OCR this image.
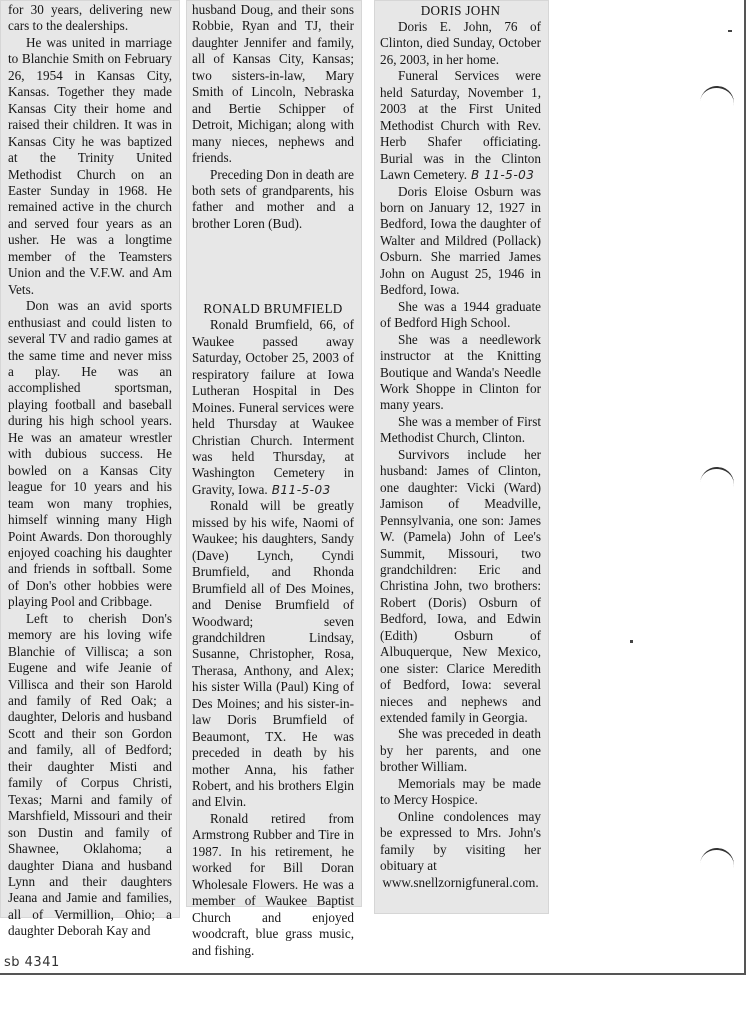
for 30 years, delivering new cars to the dealerships.

He was united in marriage to Blanchie Smith on February 26, 1954 in Kansas City, Kansas. Together they made Kansas City their home and raised their children. It was in Kansas City he was baptized at the Trinity United Methodist Church on an Easter Sunday in 1968. He remained active in the church and served four years as an usher. He was a longtime member of the Teamsters Union and the V.F.W. and Am Vets.

Don was an avid sports enthusiast and could listen to several TV and radio games at the same time and never miss a play. He was an accomplished sportsman, playing football and baseball during his high school years. He was an amateur wrestler with dubious success. He bowled on a Kansas City league for 10 years and his team won many trophies, himself winning many High Point Awards. Don thoroughly enjoyed coaching his daughter and friends in softball. Some of Don's other hobbies were playing Pool and Cribbage.

Left to cherish Don's memory are his loving wife Blanchie of Villisca; a son Eugene and wife Jeanie of Villisca and their son Harold and family of Red Oak; a daughter, Deloris and husband Scott and their son Gordon and family, all of Bedford; their daughter Misti and family of Corpus Christi, Texas; Marni and family of Marshfield, Missouri and their son Dustin and family of Shawnee, Oklahoma; a daughter Diana and husband Lynn and their daughters Jeana and Jamie and families, all of Vermillion, Ohio; a daughter Deborah Kay and

husband Doug, and their sons Robbie, Ryan and TJ, their daughter Jennifer and family, all of Kansas City, Kansas; two sisters-in-law, Mary Smith of Lincoln, Nebraska and Bertie Schipper of Detroit, Michigan; along with many nieces, nephews and friends.

Preceding Don in death are both sets of grandparents, his father and mother and a brother Loren (Bud).

RONALD BRUMFIELD

Ronald Brumfield, 66, of Waukee passed away Saturday, October 25, 2003 of respiratory failure at Iowa Lutheran Hospital in Des Moines. Funeral services were held Thursday at Waukee Christian Church. Interment was held Thursday, at Washington Cemetery in Gravity, Iowa. B11-5-03

Ronald will be greatly missed by his wife, Naomi of Waukee; his daughters, Sandy (Dave) Lynch, Cyndi Brumfield, and Rhonda Brumfield all of Des Moines, and Denise Brumfield of Woodward; seven grandchildren Lindsay, Susanne, Christopher, Rosa, Therasa, Anthony, and Alex; his sister Willa (Paul) King of Des Moines; and his sister-in-law Doris Brumfield of Beaumont, TX. He was preceded in death by his mother Anna, his father Robert, and his brothers Elgin and Elvin.

Ronald retired from Armstrong Rubber and Tire in 1987. In his retirement, he worked for Bill Doran Wholesale Flowers. He was a member of Waukee Baptist Church and enjoyed woodcraft, blue grass music, and fishing.

DORIS JOHN

Doris E. John, 76 of Clinton, died Sunday, October 26, 2003, in her home.

Funeral Services were held Saturday, November 1, 2003 at the First United Methodist Church with Rev. Herb Shafer officiating. Burial was in the Clinton Lawn Cemetery. B 11-5-03

Doris Eloise Osburn was born on January 12, 1927 in Bedford, Iowa the daughter of Walter and Mildred (Pollack) Osburn. She married James John on August 25, 1946 in Bedford, Iowa.

She was a 1944 graduate of Bedford High School.

She was a needlework instructor at the Knitting Boutique and Wanda's Needle Work Shoppe in Clinton for many years.

She was a member of First Methodist Church, Clinton.

Survivors include her husband: James of Clinton, one daughter: Vicki (Ward) Jamison of Meadville, Pennsylvania, one son: James W. (Pamela) John of Lee's Summit, Missouri, two grandchildren: Eric and Christina John, two brothers: Robert (Doris) Osburn of Bedford, Iowa, and Edwin (Edith) Osburn of Albuquerque, New Mexico, one sister: Clarice Meredith of Bedford, Iowa: several nieces and nephews and extended family in Georgia.

She was preceded in death by her parents, and one brother William.

Memorials may be made to Mercy Hospice.

Online condolences may be expressed to Mrs. John's family by visiting her obituary at

www.snellzornigfuneral.com.

sb 4341
